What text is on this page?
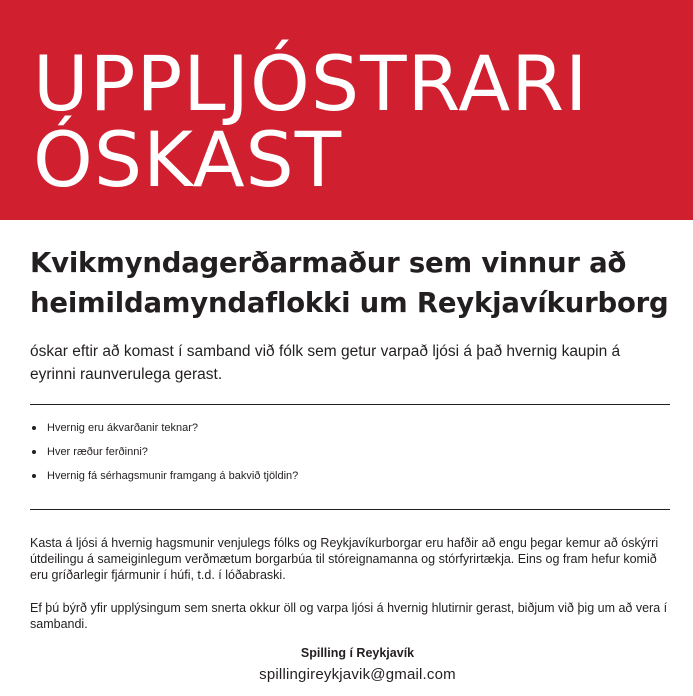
UPPLJÓSTRARI
ÓSKAST
Kvikmyndagerðarmaður sem vinnur að heimildamyndaflokki um Reykjavíkurborg

óskar eftir að komast í samband við fólk sem getur varpað ljósi á það hvernig kaupin á eyrinni raunverulega gerast.

Hvernig eru ákvarðanir teknar?
Hver ræður ferðinni?
Hvernig fá sérhagsmunir framgang á bakvið tjöldin?

Kasta á ljósi á hvernig hagsmunir venjulegs fólks og Reykjavíkurborgar eru hafðir að engu þegar kemur að óskýrri útdeilingu á sameiginlegum verðmætum borgarbúa til stóreignamanna og stórfyrirtækja. Eins og fram hefur komið eru gríðarlegir fjármunir í húfi, t.d. í lóðabraski.

Ef þú býrð yfir upplýsingum sem snerta okkur öll og varpa ljósi á hvernig hlutirnir gerast, biðjum við þig um að vera í sambandi.

Spilling í Reykjavík
spillingireykjavik@gmail.com
